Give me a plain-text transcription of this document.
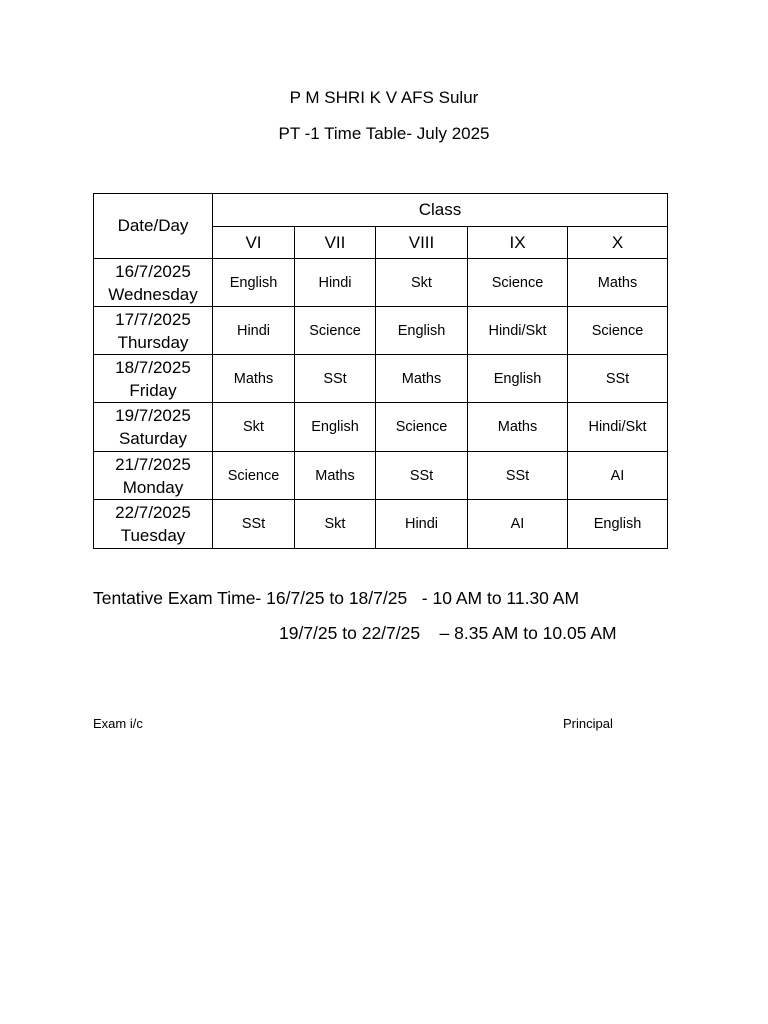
P M SHRI K V AFS Sulur
PT -1 Time Table- July 2025
Date/Day	Class				
	VI	VII	VIII	IX	X
16/7/2025
Wednesday	English	Hindi	Skt	Science	Maths
17/7/2025
Thursday	Hindi	Science	English	Hindi/Skt	Science
18/7/2025
Friday	Maths	SSt	Maths	English	SSt
19/7/2025
Saturday	Skt	English	Science	Maths	Hindi/Skt
21/7/2025
Monday	Science	Maths	SSt	SSt	AI
22/7/2025
Tuesday	SSt	Skt	Hindi	AI	English
Tentative Exam Time- 16/7/25 to 18/7/25   - 10 AM to 11.30 AM
19/7/25 to 22/7/25    – 8.35 AM to 10.05 AM
Exam i/c	Principal
